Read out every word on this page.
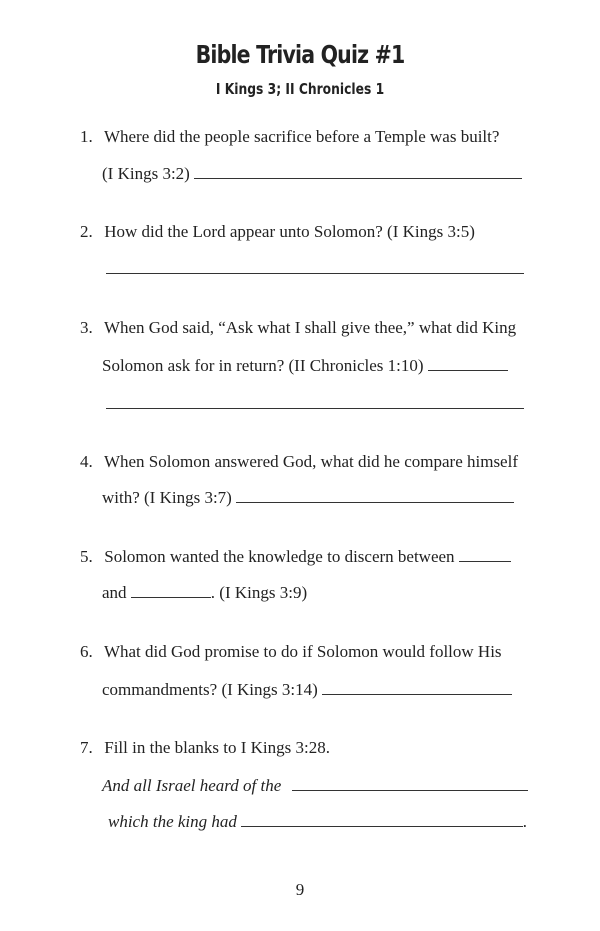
Bible Trivia Quiz #1
I Kings 3; II Chronicles 1
1. Where did the people sacrifice before a Temple was built?
(I Kings 3:2)
2. How did the Lord appear unto Solomon? (I Kings 3:5)
3. When God said, “Ask what I shall give thee,” what did King
Solomon ask for in return? (II Chronicles 1:10)
4. When Solomon answered God, what did he compare himself
with? (I Kings 3:7)
5. Solomon wanted the knowledge to discern between
and	. (I Kings 3:9)
6. What did God promise to do if Solomon would follow His
commandments? (I Kings 3:14)
7. Fill in the blanks to I Kings 3:28.
And all Israel heard of the
which the king had	.
9
